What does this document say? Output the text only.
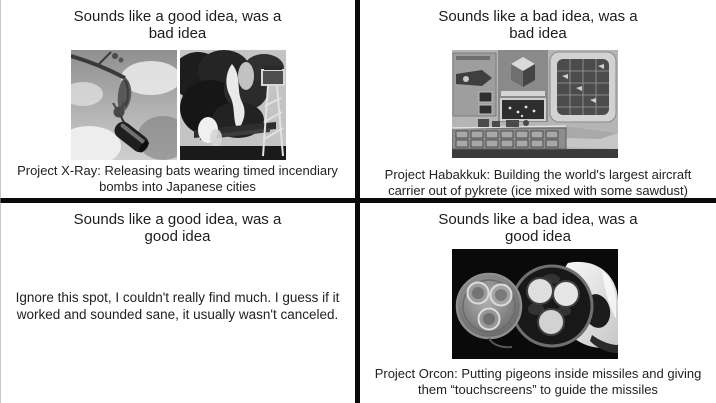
Sounds like a good idea, was a
bad idea
Project X-Ray: Releasing bats wearing timed incendiary
bombs into Japanese cities
Sounds like a bad idea, was a
bad idea
Project Habakkuk: Building the world's largest aircraft
carrier out of pykrete (ice mixed with some sawdust)
Sounds like a good idea, was a
good idea
Ignore this spot, I couldn't really find much. I guess if it
worked and sounded sane, it usually wasn't canceled.
Sounds like a bad idea, was a
good idea
Project Orcon: Putting pigeons inside missiles and giving
them “touchscreens” to guide the missiles
